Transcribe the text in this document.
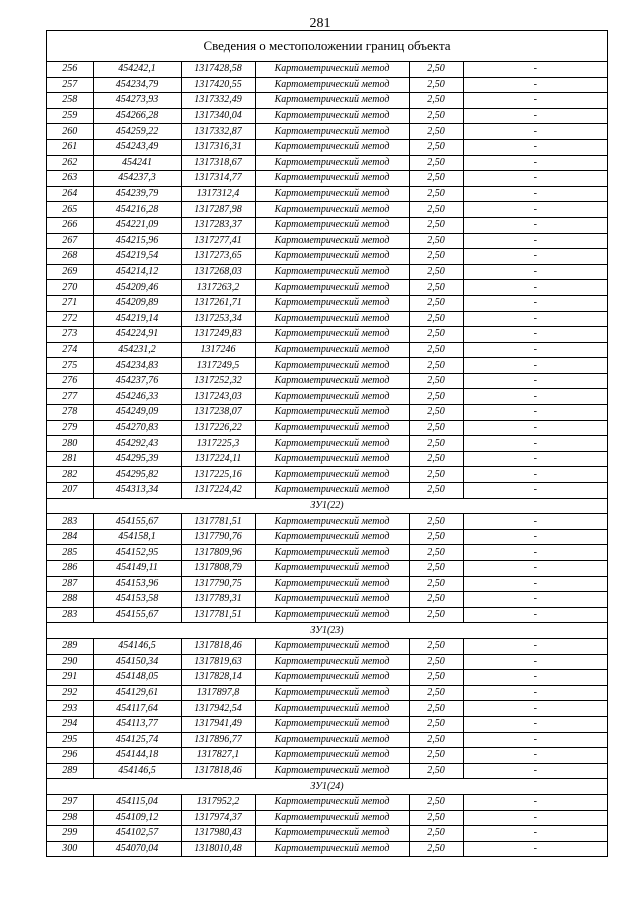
281
Сведения о местоположении границ объекта
256	454242,1	1317428,58	Картометрический метод	2,50	-
257	454234,79	1317420,55	Картометрический метод	2,50	-
258	454273,93	1317332,49	Картометрический метод	2,50	-
259	454266,28	1317340,04	Картометрический метод	2,50	-
260	454259,22	1317332,87	Картометрический метод	2,50	-
261	454243,49	1317316,31	Картометрический метод	2,50	-
262	454241	1317318,67	Картометрический метод	2,50	-
263	454237,3	1317314,77	Картометрический метод	2,50	-
264	454239,79	1317312,4	Картометрический метод	2,50	-
265	454216,28	1317287,98	Картометрический метод	2,50	-
266	454221,09	1317283,37	Картометрический метод	2,50	-
267	454215,96	1317277,41	Картометрический метод	2,50	-
268	454219,54	1317273,65	Картометрический метод	2,50	-
269	454214,12	1317268,03	Картометрический метод	2,50	-
270	454209,46	1317263,2	Картометрический метод	2,50	-
271	454209,89	1317261,71	Картометрический метод	2,50	-
272	454219,14	1317253,34	Картометрический метод	2,50	-
273	454224,91	1317249,83	Картометрический метод	2,50	-
274	454231,2	1317246	Картометрический метод	2,50	-
275	454234,83	1317249,5	Картометрический метод	2,50	-
276	454237,76	1317252,32	Картометрический метод	2,50	-
277	454246,33	1317243,03	Картометрический метод	2,50	-
278	454249,09	1317238,07	Картометрический метод	2,50	-
279	454270,83	1317226,22	Картометрический метод	2,50	-
280	454292,43	1317225,3	Картометрический метод	2,50	-
281	454295,39	1317224,11	Картометрический метод	2,50	-
282	454295,82	1317225,16	Картометрический метод	2,50	-
207	454313,34	1317224,42	Картометрический метод	2,50	-
ЗУ1(22)					
283	454155,67	1317781,51	Картометрический метод	2,50	-
284	454158,1	1317790,76	Картометрический метод	2,50	-
285	454152,95	1317809,96	Картометрический метод	2,50	-
286	454149,11	1317808,79	Картометрический метод	2,50	-
287	454153,96	1317790,75	Картометрический метод	2,50	-
288	454153,58	1317789,31	Картометрический метод	2,50	-
283	454155,67	1317781,51	Картометрический метод	2,50	-
ЗУ1(23)					
289	454146,5	1317818,46	Картометрический метод	2,50	-
290	454150,34	1317819,63	Картометрический метод	2,50	-
291	454148,05	1317828,14	Картометрический метод	2,50	-
292	454129,61	1317897,8	Картометрический метод	2,50	-
293	454117,64	1317942,54	Картометрический метод	2,50	-
294	454113,77	1317941,49	Картометрический метод	2,50	-
295	454125,74	1317896,77	Картометрический метод	2,50	-
296	454144,18	1317827,1	Картометрический метод	2,50	-
289	454146,5	1317818,46	Картометрический метод	2,50	-
ЗУ1(24)					
297	454115,04	1317952,2	Картометрический метод	2,50	-
298	454109,12	1317974,37	Картометрический метод	2,50	-
299	454102,57	1317980,43	Картометрический метод	2,50	-
300	454070,04	1318010,48	Картометрический метод	2,50	-
